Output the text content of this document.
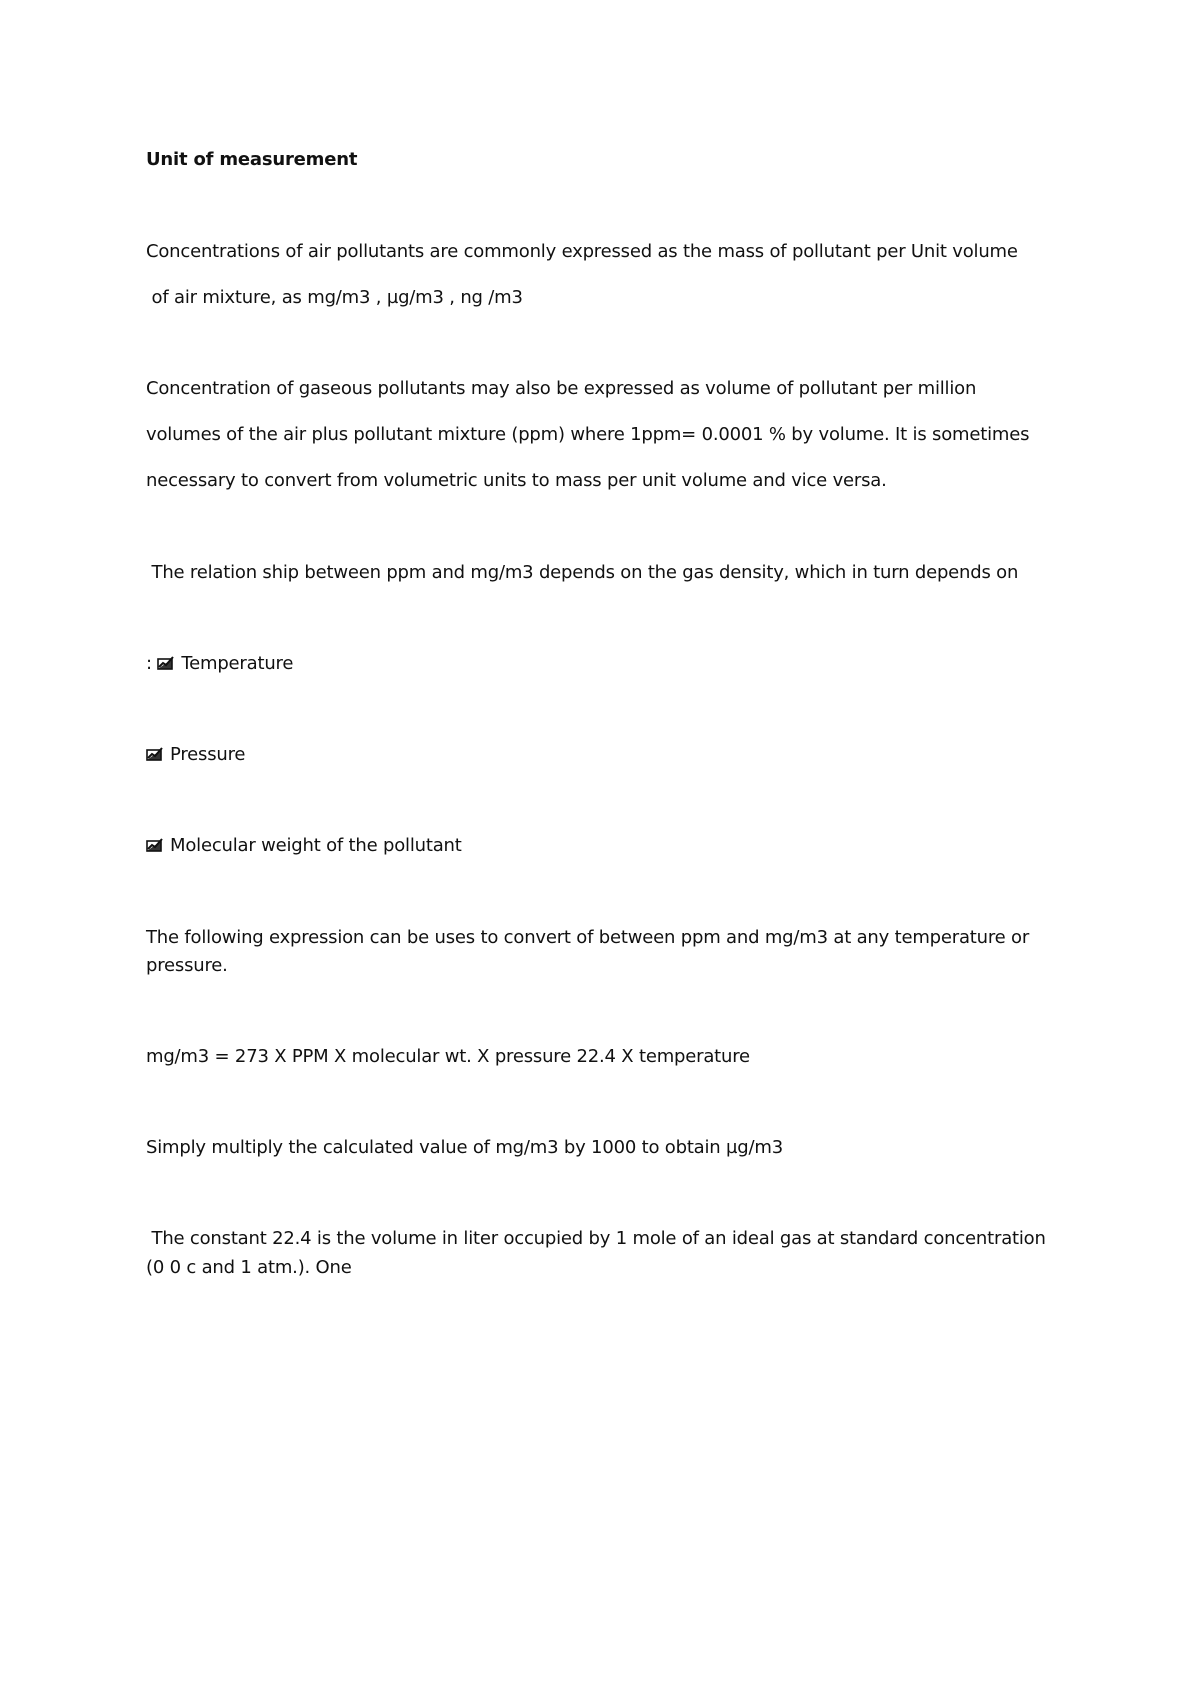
Unit of measurement
Concentrations of air pollutants are commonly expressed as the mass of pollutant per Unit volume
of air mixture, as mg/m3 , µg/m3 , ng /m3
Concentration of gaseous pollutants may also be expressed as volume of pollutant per million
volumes of the air plus pollutant mixture (ppm) where 1ppm= 0.0001 % by volume. It is sometimes
necessary to convert from volumetric units to mass per unit volume and vice versa.
The relation ship between ppm and mg/m3 depends on the gas density, which in turn depends on
:
Temperature
Pressure
Molecular weight of the pollutant
The following expression can be uses to convert of between ppm and mg/m3 at any temperature or
pressure.
mg/m3 = 273 X PPM X molecular wt. X pressure 22.4 X temperature
Simply multiply the calculated value of mg/m3 by 1000 to obtain µg/m3
The constant 22.4 is the volume in liter occupied by 1 mole of an ideal gas at standard concentration
(0 0 c and 1 atm.). One
